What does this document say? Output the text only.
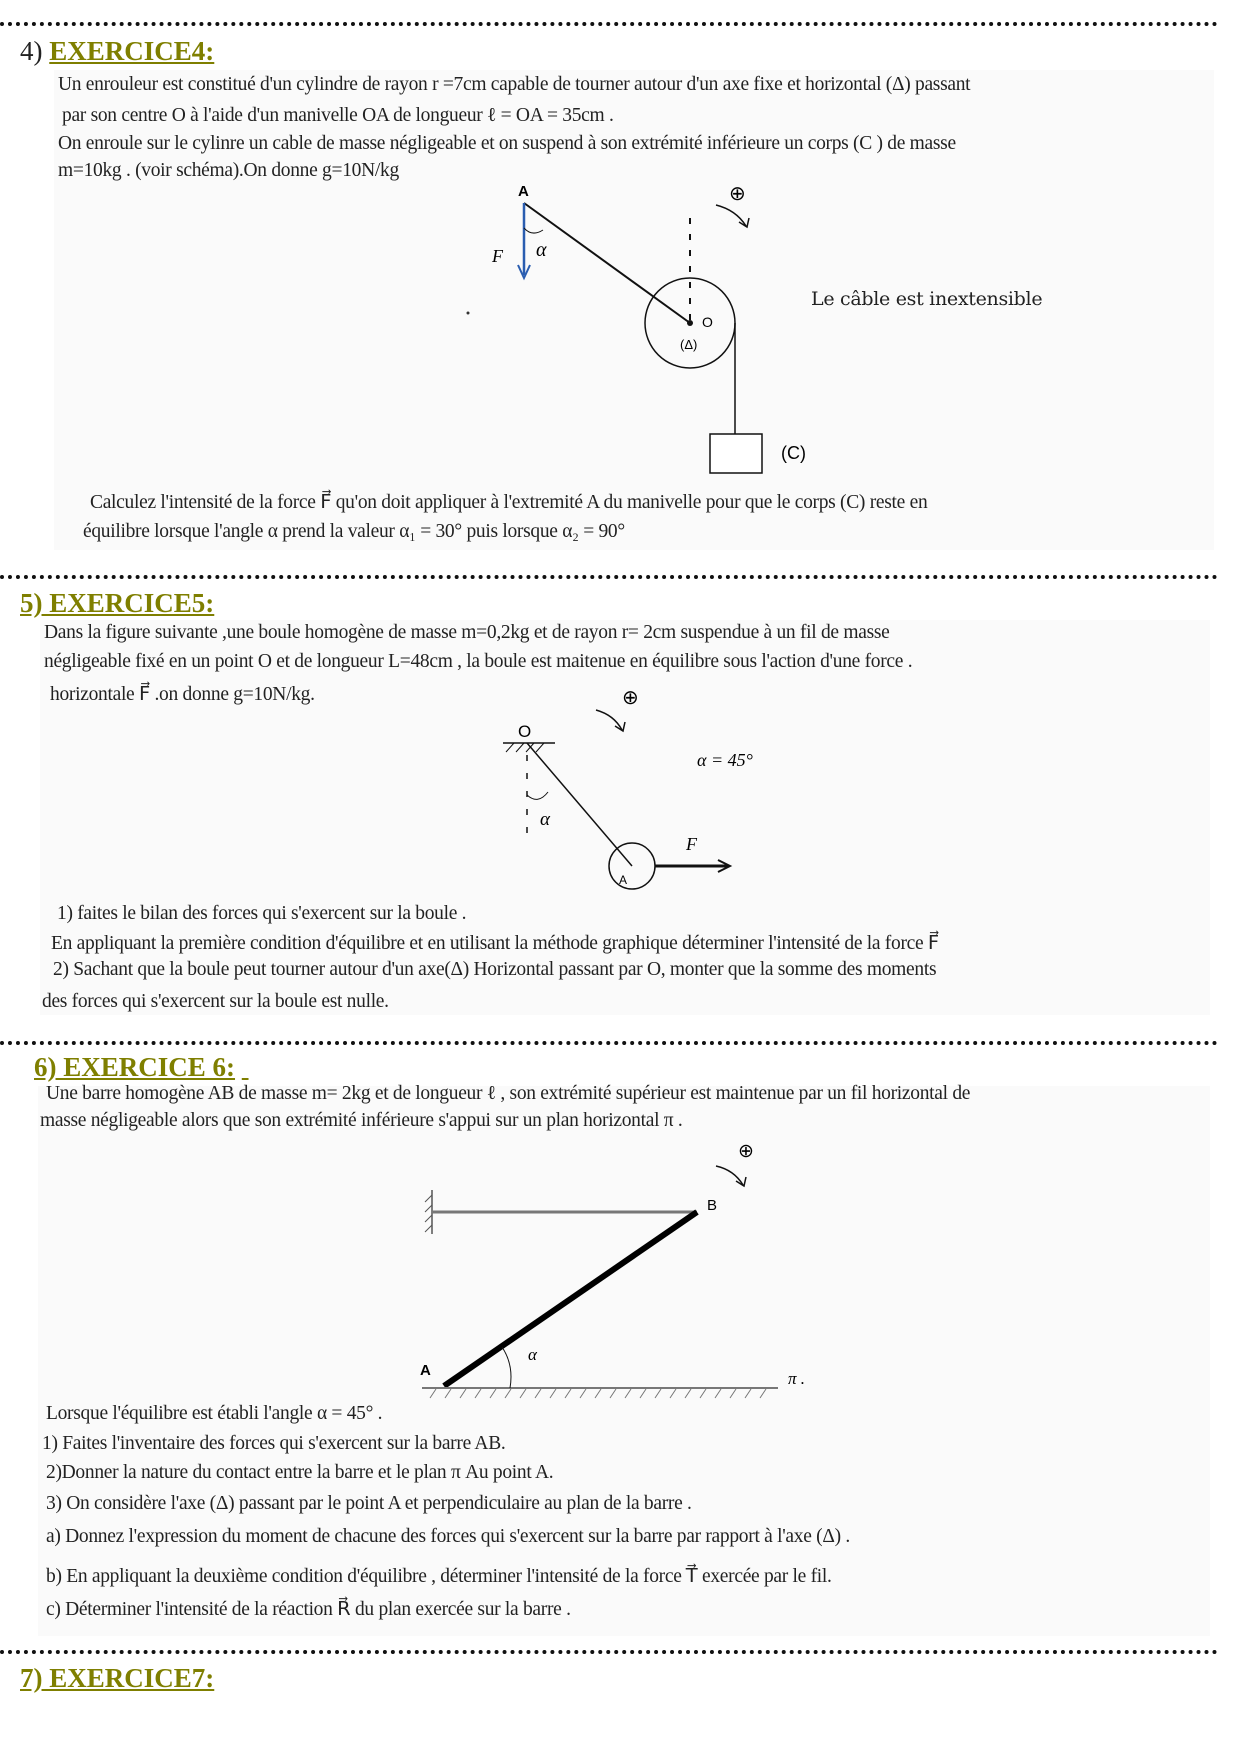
4) EXERCICE4:
Un enrouleur est constitué d'un cylindre de rayon r =7cm capable de tourner autour d'un axe fixe et horizontal (Δ) passant
par son centre O à l'aide d'un manivelle OA de longueur ℓ = OA = 35cm .
On enroule sur le cylinre un cable de masse négligeable et on suspend à son extrémité inférieure un corps (C ) de masse
m=10kg . (voir schéma).On donne g=10N/kg
A
F⃗ α
⊕
O
(Δ)
(C)
Le câble est inextensible
Calculez l'intensité de la force F⃗ qu'on doit appliquer à l'extremité A du manivelle pour que le corps (C) reste en
équilibre lorsque l'angle α prend la valeur α₁ = 30° puis lorsque α₂ = 90°
5) EXERCICE5:
Dans la figure suivante ,une boule homogène de masse m=0,2kg et de rayon r= 2cm suspendue à un fil de masse
négligeable fixé en un point O et de longueur L=48cm , la boule est maitenue en équilibre sous l'action d'une force .
horizontale F⃗ .on donne g=10N/kg.
O
α
α = 45°
F⃗
A
⊕
1) faites le bilan des forces qui s'exercent sur la boule .
En appliquant la première condition d'équilibre et en utilisant la méthode graphique déterminer l'intensité de la force F⃗
2) Sachant que la boule peut tourner autour d'un axe(Δ) Horizontal passant par O, monter que la somme des moments
des forces qui s'exercent sur la boule est nulle.
6) EXERCICE 6:
Une barre homogène AB de masse m= 2kg et de longueur ℓ , son extrémité supérieur est maintenue par un fil horizontal de
masse négligeable alors que son extrémité inférieure s'appui sur un plan horizontal π .
⊕
B
A
α
π .
Lorsque l'équilibre est établi l'angle α = 45° .
1) Faites l'inventaire des forces qui s'exercent sur la barre AB.
2)Donner la nature du contact entre la barre et le plan π Au point A.
3) On considère l'axe (Δ) passant par le point A et perpendiculaire au plan de la barre .
a) Donnez l'expression du moment de chacune des forces qui s'exercent sur la barre par rapport à l'axe (Δ) .
b) En appliquant la deuxième condition d'équilibre , déterminer l'intensité de la force T⃗ exercée par le fil.
c) Déterminer l'intensité de la réaction R⃗ du plan exercée sur la barre .
7) EXERCICE7:
